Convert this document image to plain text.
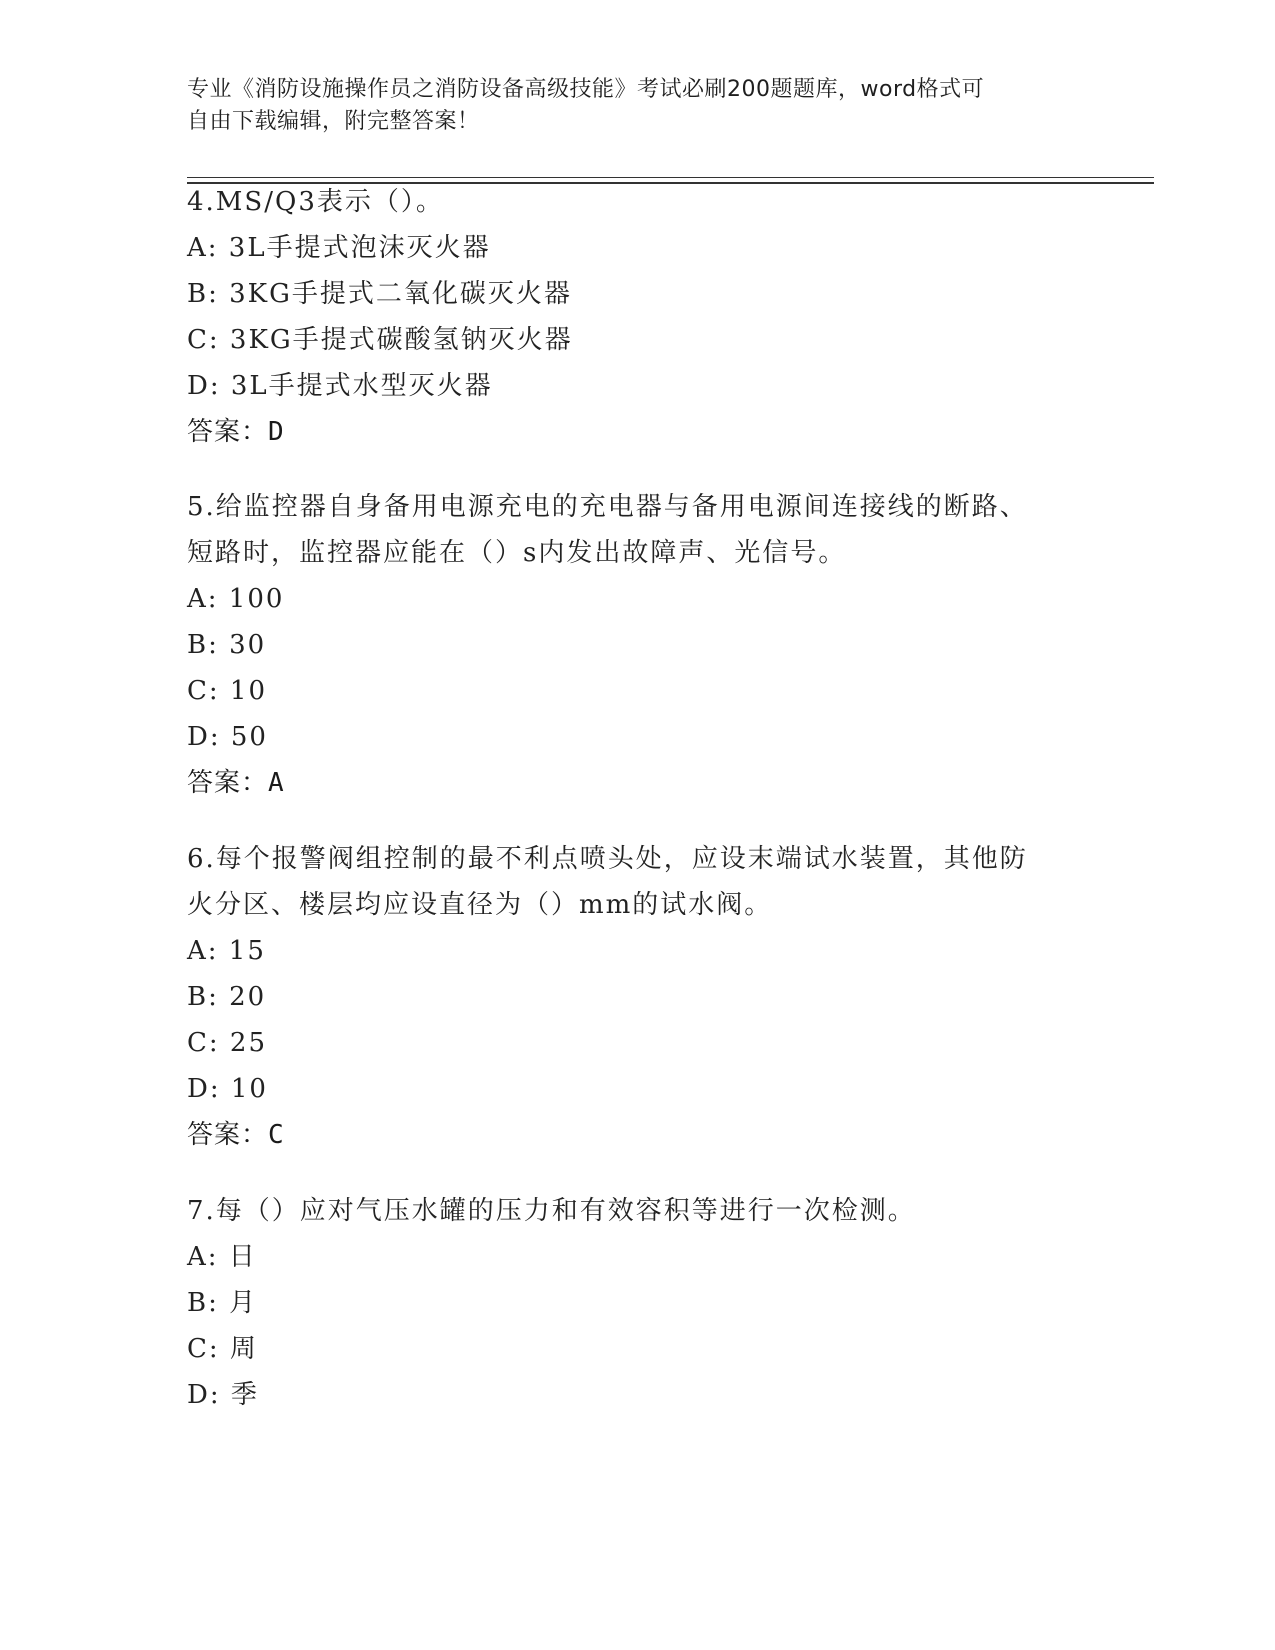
专业《消防设施操作员之消防设备高级技能》考试必刷200题题库，word格式可
自由下载编辑，附完整答案！

4.MS/Q3表示（）。

A: 3L手提式泡沫灭火器

B: 3KG手提式二氧化碳灭火器

C: 3KG手提式碳酸氢钠灭火器

D: 3L手提式水型灭火器

答案：D

5.给监控器自身备用电源充电的充电器与备用电源间连接线的断路、

短路时，监控器应能在（）s内发出故障声、光信号。

A: 100

B: 30

C: 10

D: 50

答案：A

6.每个报警阀组控制的最不利点喷头处，应设末端试水装置，其他防

火分区、楼层均应设直径为（）mm的试水阀。

A: 15

B: 20

C: 25

D: 10

答案：C

7.每（）应对气压水罐的压力和有效容积等进行一次检测。

A: 日

B: 月

C: 周

D: 季
